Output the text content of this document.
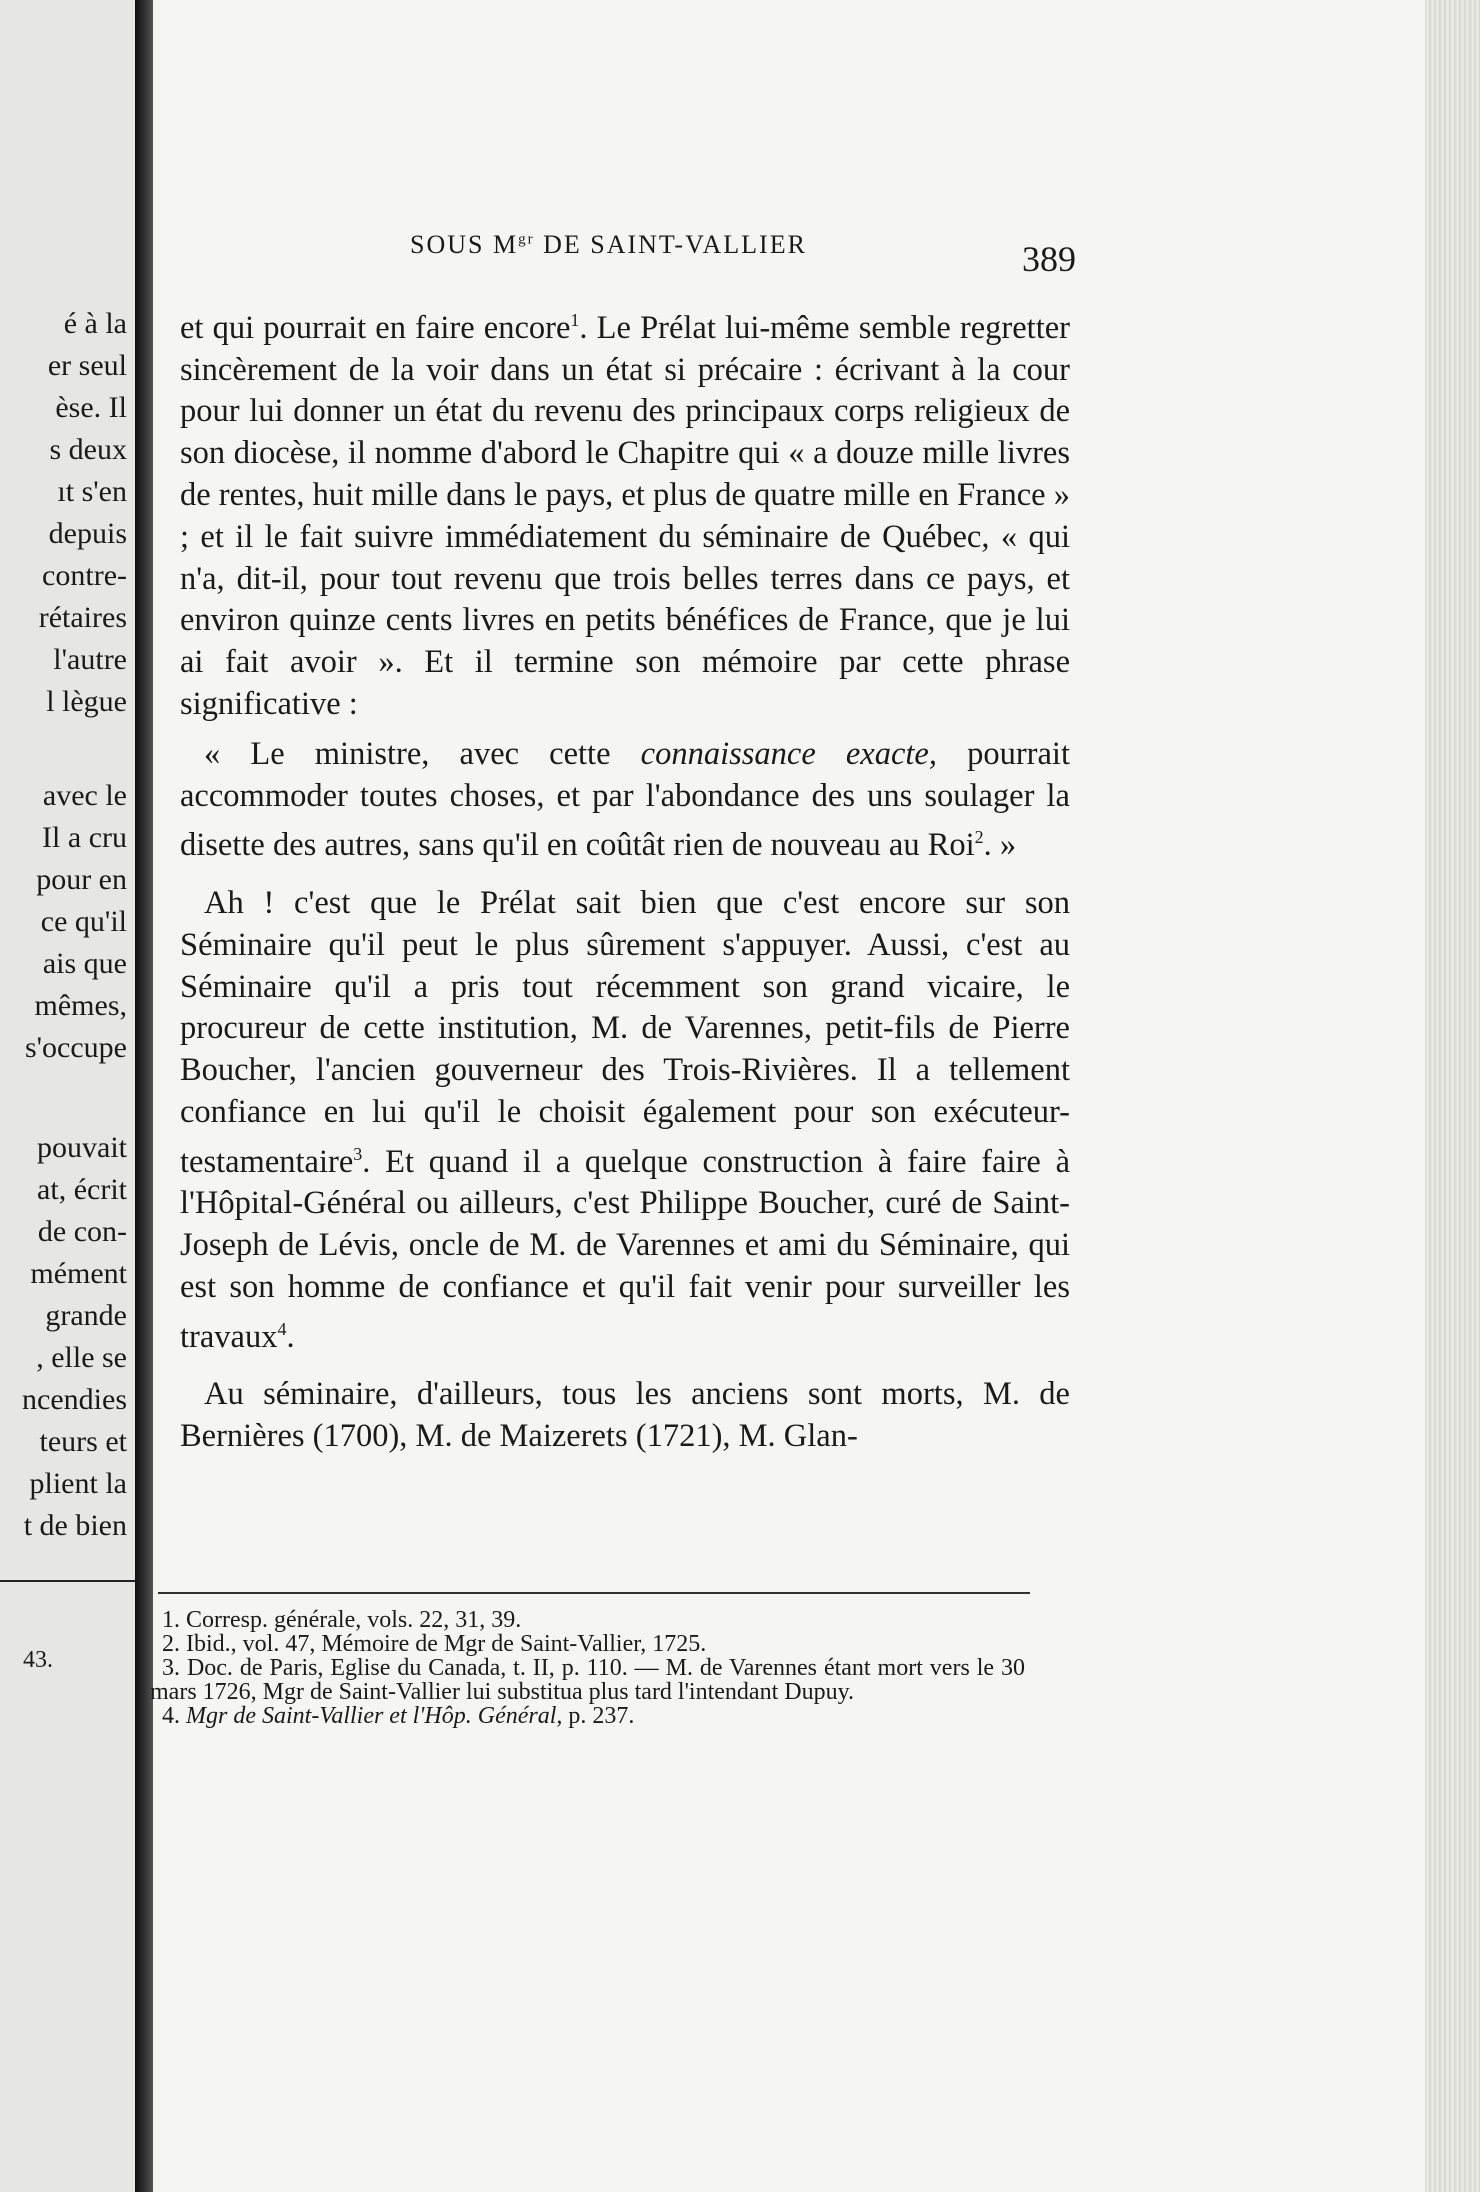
é à la
er seul
èse. Il
s deux
ıt s'en
depuis
contre-
rétaires
l'autre
l lègue
avec le
Il a cru
pour en
ce qu'il
ais que
mêmes,
s'occupe
pouvait
at, écrit
de con-
mément
grande
, elle se
ncendies
teurs et
plient la
t de bien
43.
SOUS $M^{gr}$ DE SAINT-VALLIER	389

et qui pourrait en faire encore$^1$. Le Prélat lui-même semble regretter sincèrement de la voir dans un état si précaire : écrivant à la cour pour lui donner un état du revenu des principaux corps religieux de son diocèse, il nomme d'abord le Chapitre qui « a douze mille livres de rentes, huit mille dans le pays, et plus de quatre mille en France » ; et il le fait suivre immédiatement du séminaire de Québec, « qui n'a, dit-il, pour tout revenu que trois belles terres dans ce pays, et environ quinze cents livres en petits bénéfices de France, que je lui ai fait avoir ». Et il termine son mémoire par cette phrase significative :

« Le ministre, avec cette connaissance exacte, pourrait accommoder toutes choses, et par l'abondance des uns soulager la disette des autres, sans qu'il en coûtât rien de nouveau au Roi$^2$. »

Ah ! c'est que le Prélat sait bien que c'est encore sur son Séminaire qu'il peut le plus sûrement s'appuyer. Aussi, c'est au Séminaire qu'il a pris tout récemment son grand vicaire, le procureur de cette institution, M. de Varennes, petit-fils de Pierre Boucher, l'ancien gouverneur des Trois-Rivières. Il a tellement confiance en lui qu'il le choisit également pour son exécuteur-testamentaire$^3$. Et quand il a quelque construction à faire faire à l'Hôpital-Général ou ailleurs, c'est Philippe Boucher, curé de Saint-Joseph de Lévis, oncle de M. de Varennes et ami du Séminaire, qui est son homme de confiance et qu'il fait venir pour surveiller les travaux$^4$.

Au séminaire, d'ailleurs, tous les anciens sont morts, M. de Bernières (1700), M. de Maizerets (1721), M. Glan-

1. Corresp. générale, vols. 22, 31, 39.

2. Ibid., vol. 47, Mémoire de Mgr de Saint-Vallier, 1725.

3. Doc. de Paris, Eglise du Canada, t. II, p. 110. — M. de Varennes étant mort vers le 30 mars 1726, Mgr de Saint-Vallier lui substitua plus tard l'intendant Dupuy.

4. Mgr de Saint-Vallier et l'Hôp. Général, p. 237.
